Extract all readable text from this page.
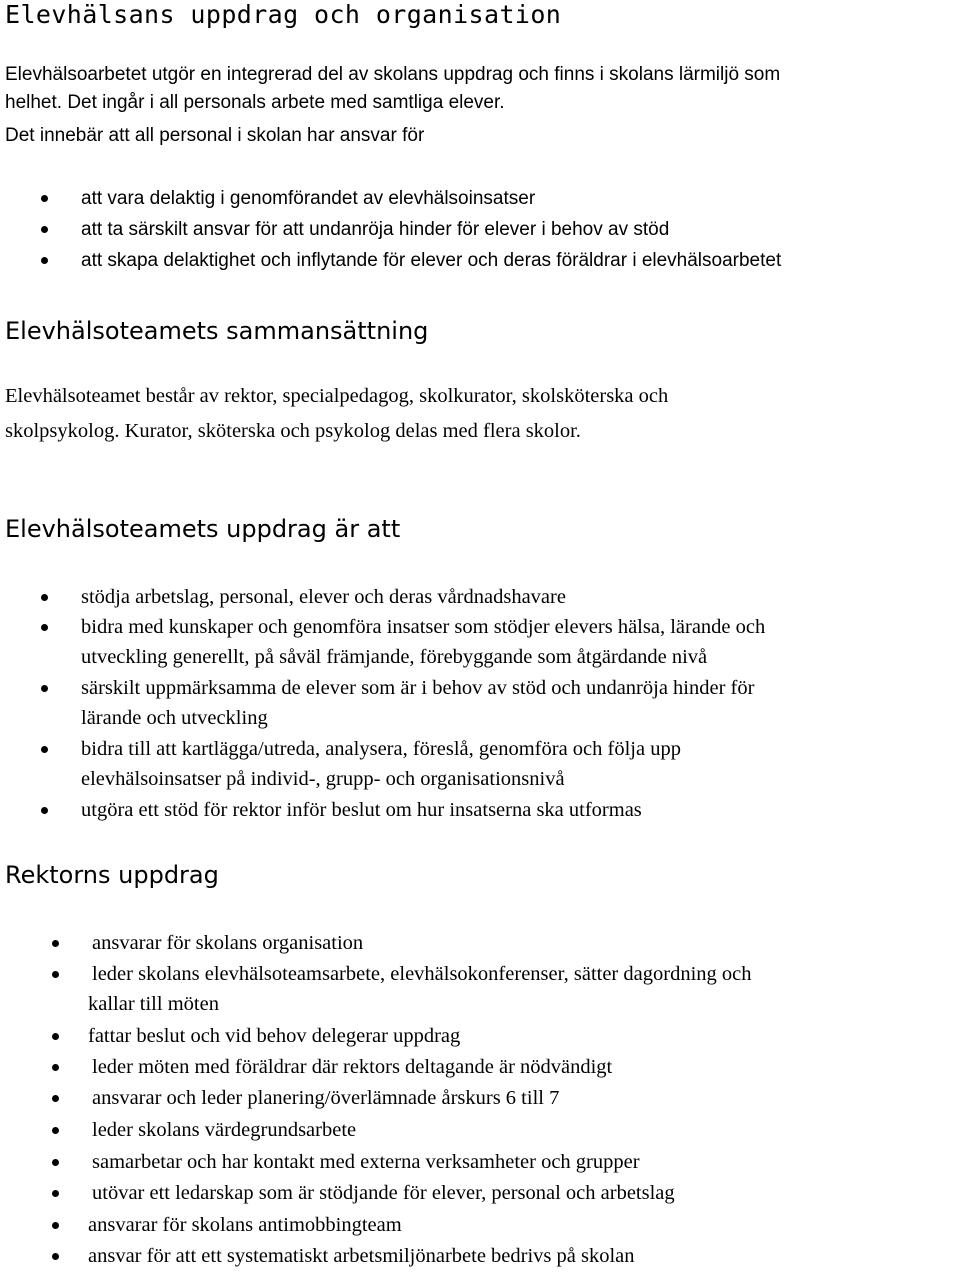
Elevhälsans uppdrag och organisation

Elevhälsoarbetet utgör en integrerad del av skolans uppdrag och finns i skolans lärmiljö som

helhet. Det ingår i all personals arbete med samtliga elever.

Det innebär att all personal i skolan har ansvar för

att vara delaktig i genomförandet av elevhälsoinsatser
att ta särskilt ansvar för att undanröja hinder för elever i behov av stöd
att skapa delaktighet och inflytande för elever och deras föräldrar i elevhälsoarbetet
Elevhälsoteamets sammansättning

Elevhälsoteamet består av rektor, specialpedagog, skolkurator, skolsköterska och

skolpsykolog. Kurator, sköterska och psykolog delas med flera skolor.

Elevhälsoteamets uppdrag är att
stödja arbetslag, personal, elever och deras vårdnadshavare
bidra med kunskaper och genomföra insatser som stödjer elevers hälsa, lärande och
utveckling generellt, på såväl främjande, förebyggande som åtgärdande nivå
särskilt uppmärksamma de elever som är i behov av stöd och undanröja hinder för
lärande och utveckling
bidra till att kartlägga/utreda, analysera, föreslå, genomföra och följa upp
elevhälsoinsatser på individ-, grupp- och organisationsnivå
utgöra ett stöd för rektor inför beslut om hur insatserna ska utformas
Rektorns uppdrag
ansvarar för skolans organisation
leder skolans elevhälsoteamsarbete, elevhälsokonferenser, sätter dagordning och
kallar till möten
fattar beslut och vid behov delegerar uppdrag
leder möten med föräldrar där rektors deltagande är nödvändigt
ansvarar och leder planering/överlämnade årskurs 6 till 7
leder skolans värdegrundsarbete
samarbetar och har kontakt med externa verksamheter och grupper
utövar ett ledarskap som är stödjande för elever, personal och arbetslag
ansvarar för skolans antimobbingteam
ansvar för att ett systematiskt arbetsmiljönarbete bedrivs på skolan
